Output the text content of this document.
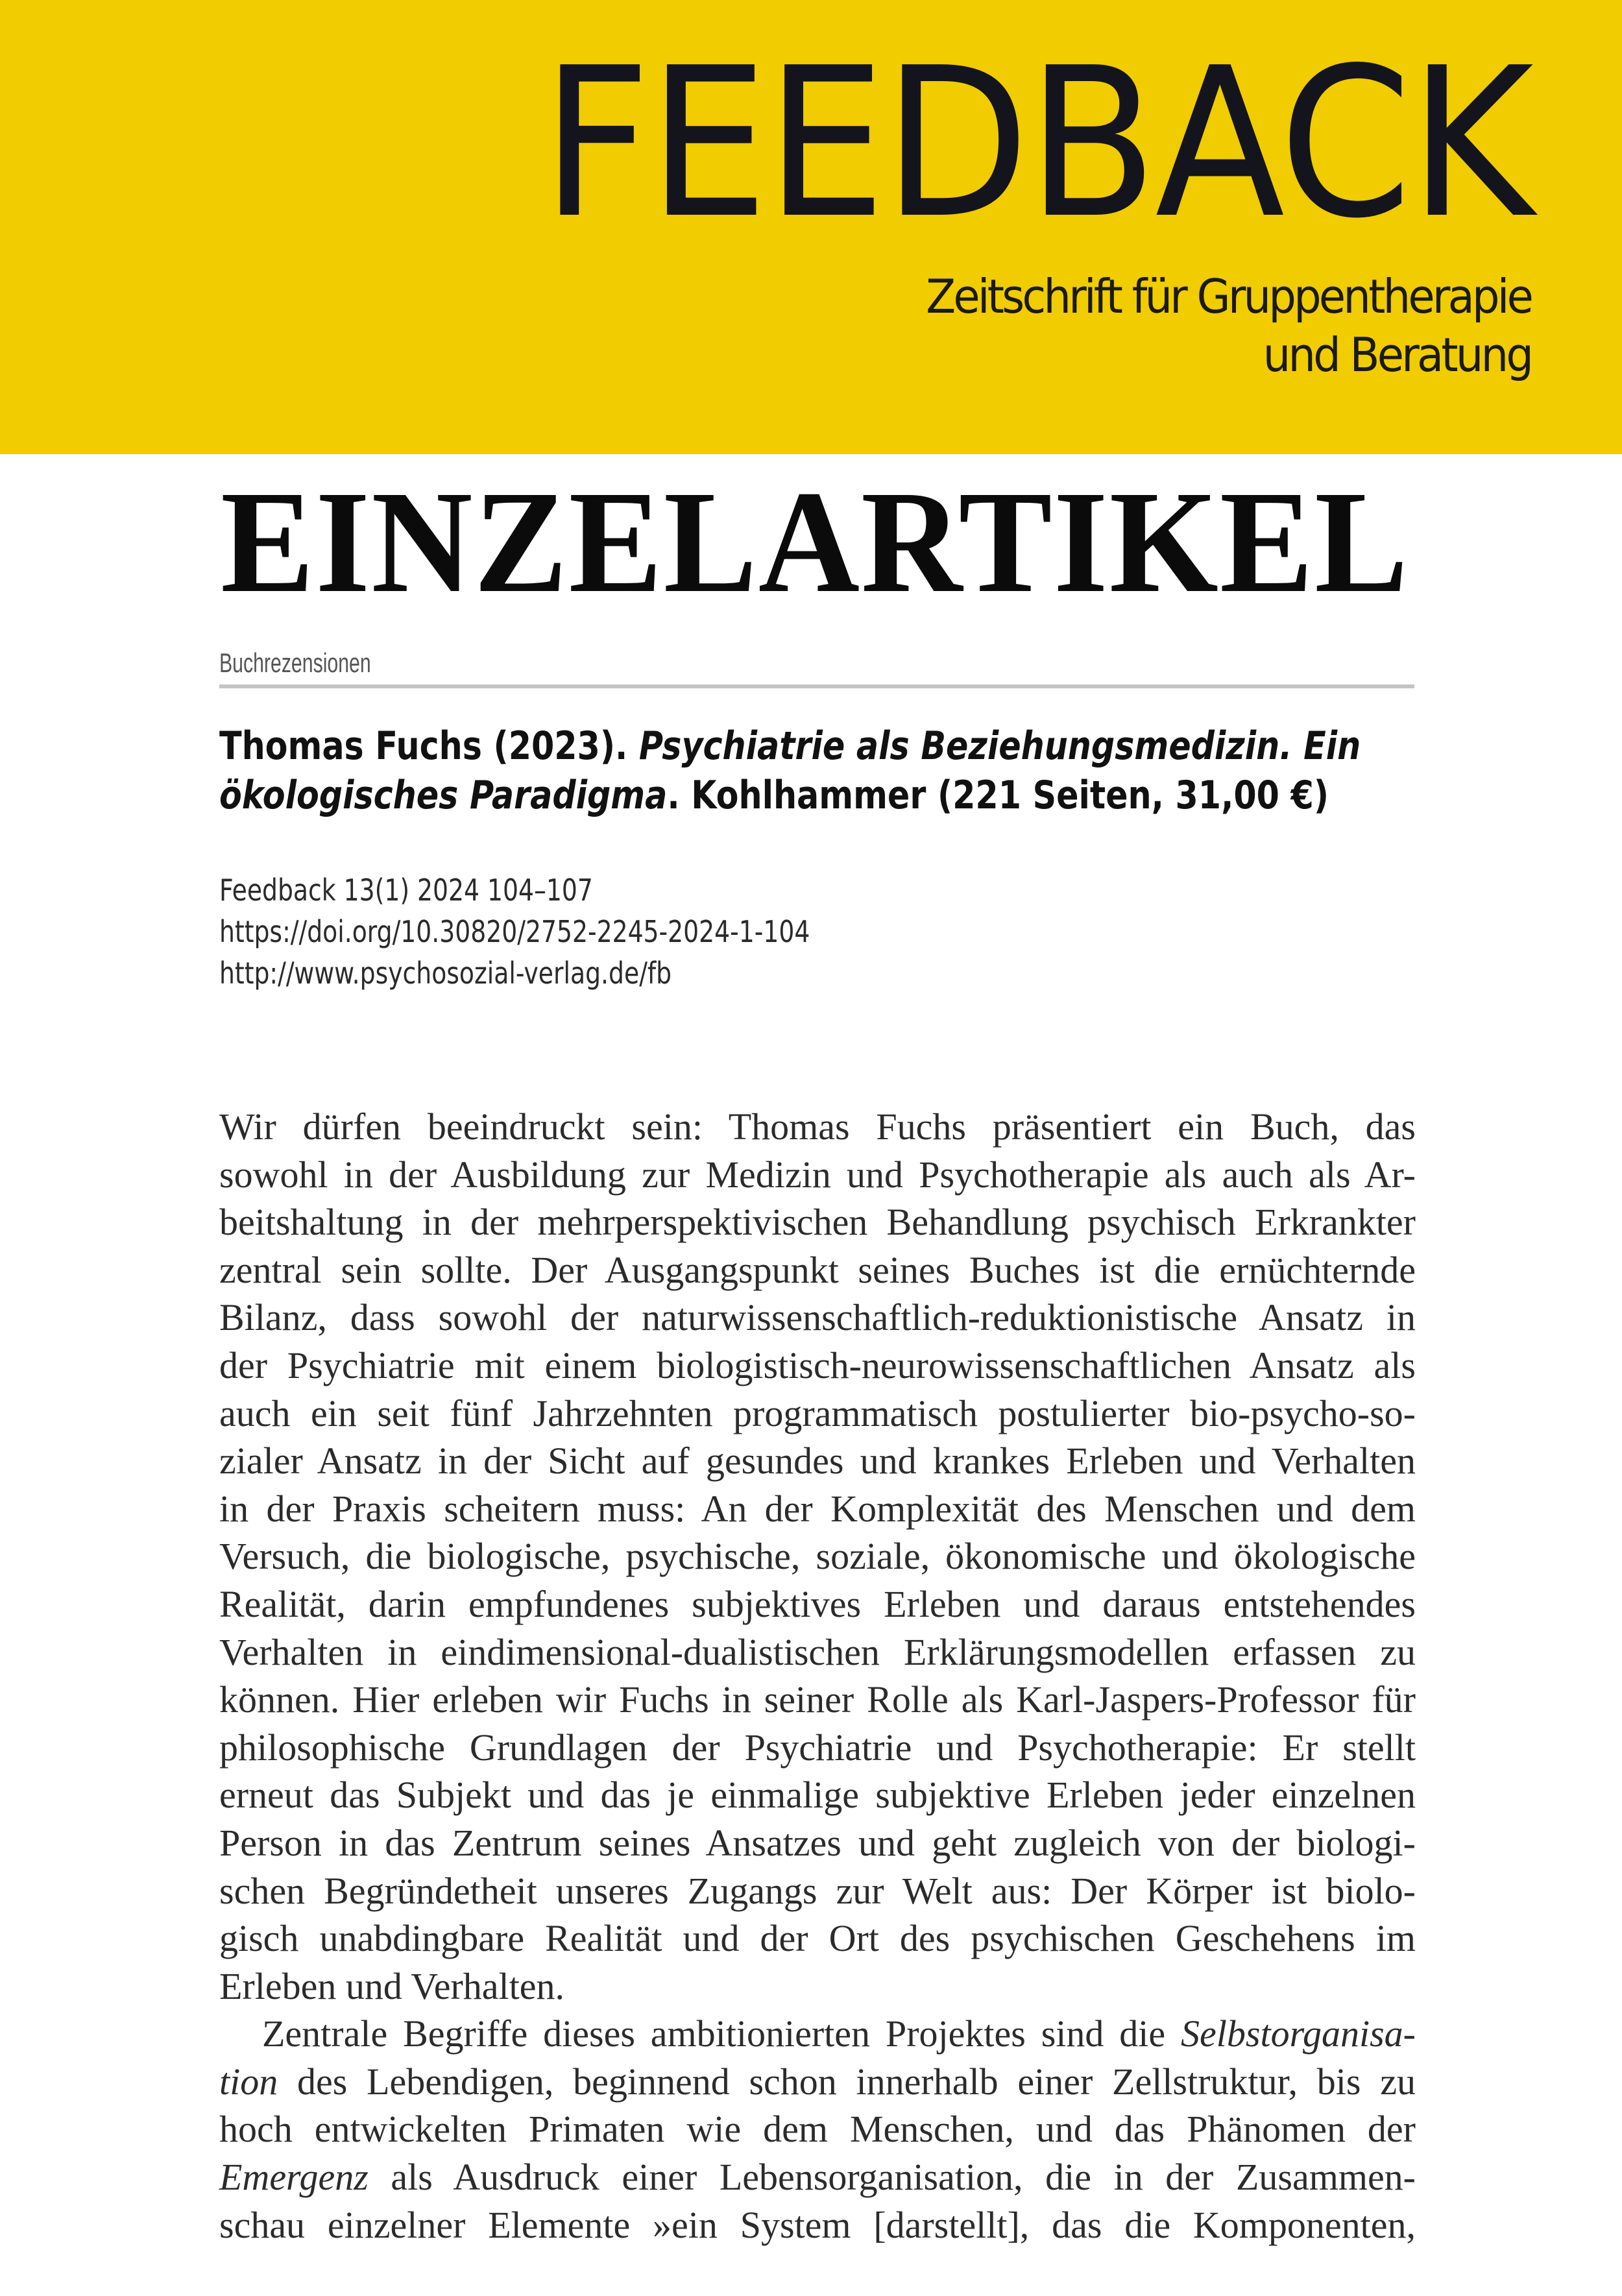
FEEDBACK

Zeitschrift für Gruppentherapie
und Beratung

EINZELARTIKEL
Buchrezensionen
Thomas Fuchs (2023). Psychiatrie als Beziehungsmedizin. Ein
ökologisches Paradigma. Kohlhammer (221 Seiten, 31,00 €)
Feedback 13(1) 2024 104–107
https://doi.org/10.30820/2752-2245-2024-1-104
http://www.psychosozial-verlag.de/fb
Wir dürfen beeindruckt sein: Thomas Fuchs präsentiert ein Buch, das
sowohl in der Ausbildung zur Medizin und Psychotherapie als auch als Ar-
beitshaltung in der mehrperspektivischen Behandlung psychisch Erkrankter
zentral sein sollte. Der Ausgangspunkt seines Buches ist die ernüchternde
Bilanz, dass sowohl der naturwissenschaftlich-reduktionistische Ansatz in
der Psychiatrie mit einem biologistisch-neurowissenschaftlichen Ansatz als
auch ein seit fünf Jahrzehnten programmatisch postulierter bio-psycho-so-
zialer Ansatz in der Sicht auf gesundes und krankes Erleben und Verhalten
in der Praxis scheitern muss: An der Komplexität des Menschen und dem
Versuch, die biologische, psychische, soziale, ökonomische und ökologische
Realität, darin empfundenes subjektives Erleben und daraus entstehendes
Verhalten in eindimensional-dualistischen Erklärungsmodellen erfassen zu
können. Hier erleben wir Fuchs in seiner Rolle als Karl-Jaspers-Professor für
philosophische Grundlagen der Psychiatrie und Psychotherapie: Er stellt
erneut das Subjekt und das je einmalige subjektive Erleben jeder einzelnen
Person in das Zentrum seines Ansatzes und geht zugleich von der biologi-
schen Begründetheit unseres Zugangs zur Welt aus: Der Körper ist biolo-
gisch unabdingbare Realität und der Ort des psychischen Geschehens im
Erleben und Verhalten.
Zentrale Begriffe dieses ambitionierten Projektes sind die Selbstorganisa-
tion des Lebendigen, beginnend schon innerhalb einer Zellstruktur, bis zu
hoch entwickelten Primaten wie dem Menschen, und das Phänomen der
Emergenz als Ausdruck einer Lebensorganisation, die in der Zusammen-
schau einzelner Elemente »ein System [darstellt], das die Komponenten,
